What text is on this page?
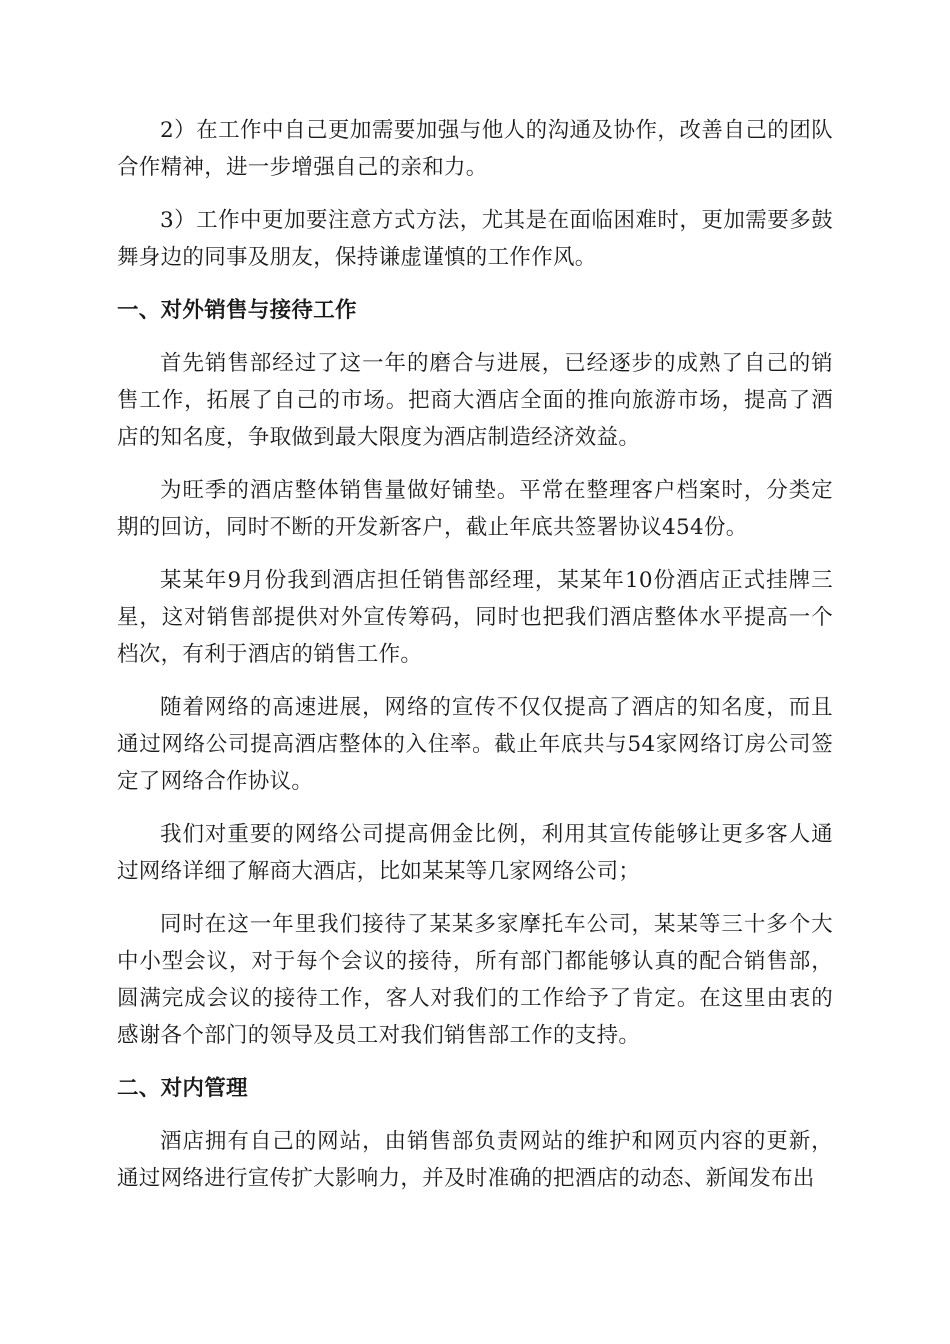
2）在工作中自己更加需要加强与他人的沟通及协作，改善自己的团队合作精神，进一步增强自己的亲和力。

3）工作中更加要注意方式方法，尤其是在面临困难时，更加需要多鼓舞身边的同事及朋友，保持谦虚谨慎的工作作风。

一、对外销售与接待工作

首先销售部经过了这一年的磨合与进展，已经逐步的成熟了自己的销售工作，拓展了自己的市场。把商大酒店全面的推向旅游市场，提高了酒店的知名度，争取做到最大限度为酒店制造经济效益。

为旺季的酒店整体销售量做好铺垫。平常在整理客户档案时，分类定期的回访，同时不断的开发新客户，截止年底共签署协议454份。

某某年9月份我到酒店担任销售部经理，某某年10份酒店正式挂牌三星，这对销售部提供对外宣传筹码，同时也把我们酒店整体水平提高一个档次，有利于酒店的销售工作。

随着网络的高速进展，网络的宣传不仅仅提高了酒店的知名度，而且通过网络公司提高酒店整体的入住率。截止年底共与54家网络订房公司签定了网络合作协议。

我们对重要的网络公司提高佣金比例，利用其宣传能够让更多客人通过网络详细了解商大酒店，比如某某等几家网络公司；

同时在这一年里我们接待了某某多家摩托车公司，某某等三十多个大中小型会议，对于每个会议的接待，所有部门都能够认真的配合销售部，圆满完成会议的接待工作，客人对我们的工作给予了肯定。在这里由衷的感谢各个部门的领导及员工对我们销售部工作的支持。

二、对内管理

酒店拥有自己的网站，由销售部负责网站的维护和网页内容的更新，通过网络进行宣传扩大影响力，并及时准确的把酒店的动态、新闻发布出
